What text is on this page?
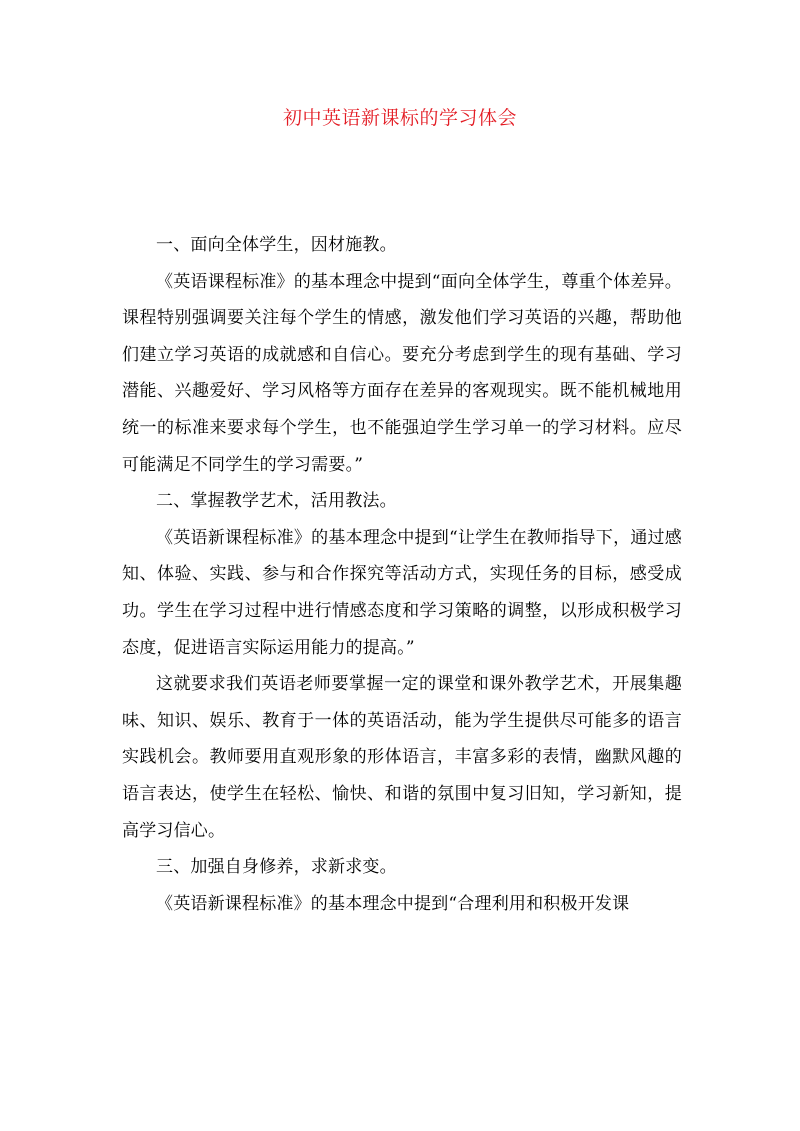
初中英语新课标的学习体会

一、面向全体学生，因材施教。

《英语课程标准》的基本理念中提到“面向全体学生，尊重个体差异。课程特别强调要关注每个学生的情感，激发他们学习英语的兴趣，帮助他们建立学习英语的成就感和自信心。要充分考虑到学生的现有基础、学习潜能、兴趣爱好、学习风格等方面存在差异的客观现实。既不能机械地用统一的标准来要求每个学生，也不能强迫学生学习单一的学习材料。应尽可能满足不同学生的学习需要。”

二、掌握教学艺术，活用教法。

《英语新课程标准》的基本理念中提到“让学生在教师指导下，通过感知、体验、实践、参与和合作探究等活动方式，实现任务的目标，感受成功。学生在学习过程中进行情感态度和学习策略的调整，以形成积极学习态度，促进语言实际运用能力的提高。”

这就要求我们英语老师要掌握一定的课堂和课外教学艺术，开展集趣味、知识、娱乐、教育于一体的英语活动，能为学生提供尽可能多的语言实践机会。教师要用直观形象的形体语言，丰富多彩的表情，幽默风趣的语言表达，使学生在轻松、愉快、和谐的氛围中复习旧知，学习新知，提高学习信心。

三、加强自身修养，求新求变。

《英语新课程标准》的基本理念中提到“合理利用和积极开发课
